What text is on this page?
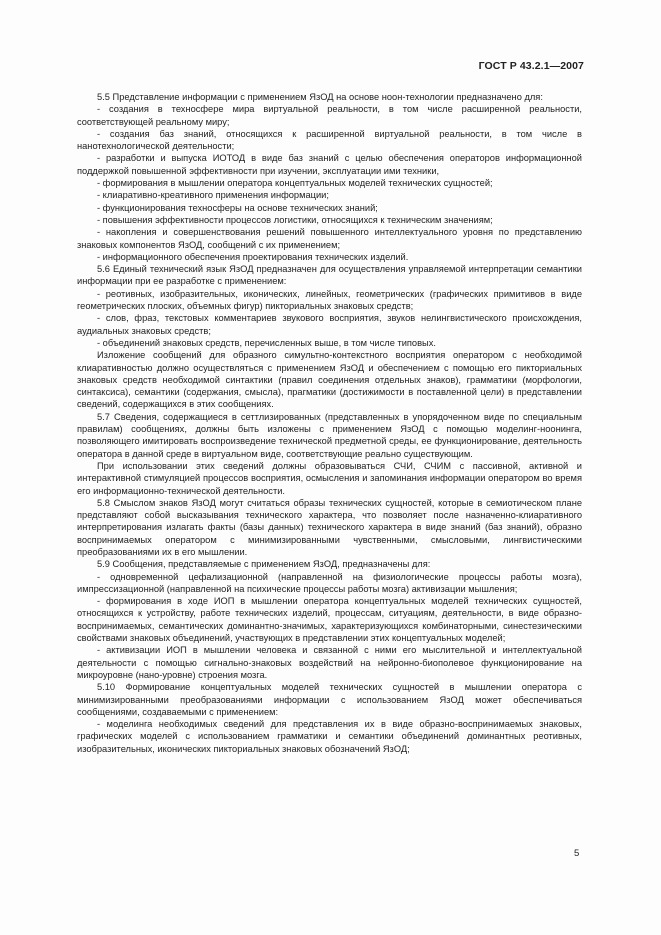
ГОСТ Р 43.2.1—2007

5.5 Представление информации с применением ЯзОД на основе ноон-технологии предназначено для:

- создания в техносфере мира виртуальной реальности, в том числе расширенной реальности, соответствующей реальному миру;

- создания баз знаний, относящихся к расширенной виртуальной реальности, в том числе в нанотехнологической деятельности;

- разработки и выпуска ИОТОД в виде баз знаний с целью обеспечения операторов информационной поддержкой повышенной эффективности при изучении, эксплуатации ими техники,

- формирования в мышлении оператора концептуальных моделей технических сущностей;

- клиаративно-креативного применения информации;

- функционирования техносферы на основе технических знаний;

- повышения эффективности процессов логистики, относящихся к техническим значениям;

- накопления и совершенствования решений повышенного интеллектуального уровня по представлению знаковых компонентов ЯзОД, сообщений с их применением;

- информационного обеспечения проектирования технических изделий.

5.6 Единый технический язык ЯзОД предназначен для осуществления управляемой интерпретации семантики информации при ее разработке с применением:

- реотивных, изобразительных, иконических, линейных, геометрических (графических примитивов в виде геометрических плоских, объемных фигур) пикториальных знаковых средств;

- слов, фраз, текстовых комментариев звукового восприятия, звуков нелингвистического происхождения, аудиальных знаковых средств;

- объединений знаковых средств, перечисленных выше, в том числе типовых.

Изложение сообщений для образного симультно-контекстного восприятия оператором с необходимой клиаративностью должно осуществляться с применением ЯзОД и обеспечением с помощью его пикториальных знаковых средств необходимой синтактики (правил соединения отдельных знаков), грамматики (морфологии, синтаксиса), семантики (содержания, смысла), прагматики (достижимости в поставленной цели) в представлении сведений, содержащихся в этих сообщениях.

5.7 Сведения, содержащиеся в сеттлизированных (представленных в упорядоченном виде по специальным правилам) сообщениях, должны быть изложены с применением ЯзОД с помощью моделинг-ноонинга, позволяющего имитировать воспроизведение технической предметной среды, ее функционирование, деятельность оператора в данной среде в виртуальном виде, соответствующие реально существующим.

При использовании этих сведений должны образовываться СЧИ, СЧИМ с пассивной, активной и интерактивной стимуляцией процессов восприятия, осмысления и запоминания информации оператором во время его информационно-технической деятельности.

5.8 Смыслом знаков ЯзОД могут считаться образы технических сущностей, которые в семиотическом плане представляют собой высказывания технического характера, что позволяет после назначенно-клиаративного интерпретирования излагать факты (базы данных) технического характера в виде знаний (баз знаний), образно воспринимаемых оператором с минимизированными чувственными, смысловыми, лингвистическими преобразованиями их в его мышлении.

5.9 Сообщения, представляемые с применением ЯзОД, предназначены для:

- одновременной цефализационной (направленной на физиологические процессы работы мозга), импрессизационной (направленной на психические процессы работы мозга) активизации мышления;

- формирования в ходе ИОП в мышлении оператора концептуальных моделей технических сущностей, относящихся к устройству, работе технических изделий, процессам, ситуациям, деятельности, в виде образно-воспринимаемых, семантических доминантно-значимых, характеризующихся комбинаторными, синестезическими свойствами знаковых объединений, участвующих в представлении этих концептуальных моделей;

- активизации ИОП в мышлении человека и связанной с ними его мыслительной и интеллектуальной деятельности с помощью сигнально-знаковых воздействий на нейронно-биополевое функционирование на микроуровне (нано-уровне) строения мозга.

5.10 Формирование концептуальных моделей технических сущностей в мышлении оператора с минимизированными преобразованиями информации с использованием ЯзОД может обеспечиваться сообщениями, создаваемыми с применением:

- моделинга необходимых сведений для представления их в виде образно-воспринимаемых знаковых, графических моделей с использованием грамматики и семантики объединений доминантных реотивных, изобразительных, иконических пикториальных знаковых обозначений ЯзОД;

5
